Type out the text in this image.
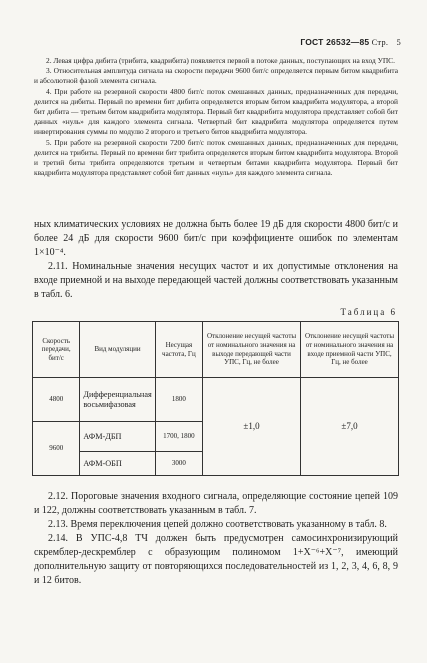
ГОСТ 26532—85 Стр. 5

2. Левая цифра дибита (трибита, квадрибита) появляется первой в потоке данных, поступающих на вход УПС.

3. Относительная амплитуда сигнала на скорости передачи 9600 бит/с определяется первым битом квадрибита и абсолютной фазой элемента сигнала.

4. При работе на резервной скорости 4800 бит/с поток смешанных данных, предназначенных для передачи, делится на дибиты. Первый по времени бит дибита определяется вторым битом квадрибита модулятора, а второй бит дибита — третьим битом квадрибита модулятора. Первый бит квадрибита модулятора представляет собой бит данных «нуль» для каждого элемента сигнала. Четвертый бит квадрибита модулятора определяется путем инвертирования суммы по модулю 2 второго и третьего битов квадрибита модулятора.

5. При работе на резервной скорости 7200 бит/с поток смешанных данных, предназначенных для передачи, делится на трибиты. Первый по времени бит трибита определяется вторым битом квадрибита модулятора. Второй и третий биты трибита определяются третьим и четвертым битами квадрибита модулятора. Первый бит квадрибита модулятора представляет собой бит данных «нуль» для каждого элемента сигнала.

ных климатических условиях не должна быть более 19 дБ для скорости 4800 бит/с и более 24 дБ для скорости 9600 бит/с при коэффициенте ошибок по элементам 1×10⁻⁴.

2.11. Номинальные значения несущих частот и их допустимые отклонения на входе приемной и на выходе передающей частей должны соответствовать указанным в табл. 6.

Таблица 6
Скорость передачи, бит/с	Вид модуляции	Несущая частота, Гц	Отклонение несущей частоты от номинального значения на выходе передающей части УПС, Гц, не более	Отклонение несущей частоты от номинального значения на входе приемной части УПС, Гц, не более
4800	Дифференциальная восьмифазовая	1800	±1,0	±7,0
9600	АФМ-ДБП	1700, 1800		
	АФМ-ОБП	3000		

2.12. Пороговые значения входного сигнала, определяющие состояние цепей 109 и 122, должны соответствовать указанным в табл. 7.

2.13. Время переключения цепей должно соответствовать указанному в табл. 8.

2.14. В УПС-4,8 ТЧ должен быть предусмотрен самосинхронизирующий скремблер-дескремблер с образующим полиномом 1+X⁻⁶+X⁻⁷, имеющий дополнительную защиту от повторяющихся последовательностей из 1, 2, 3, 4, 6, 8, 9 и 12 битов.
